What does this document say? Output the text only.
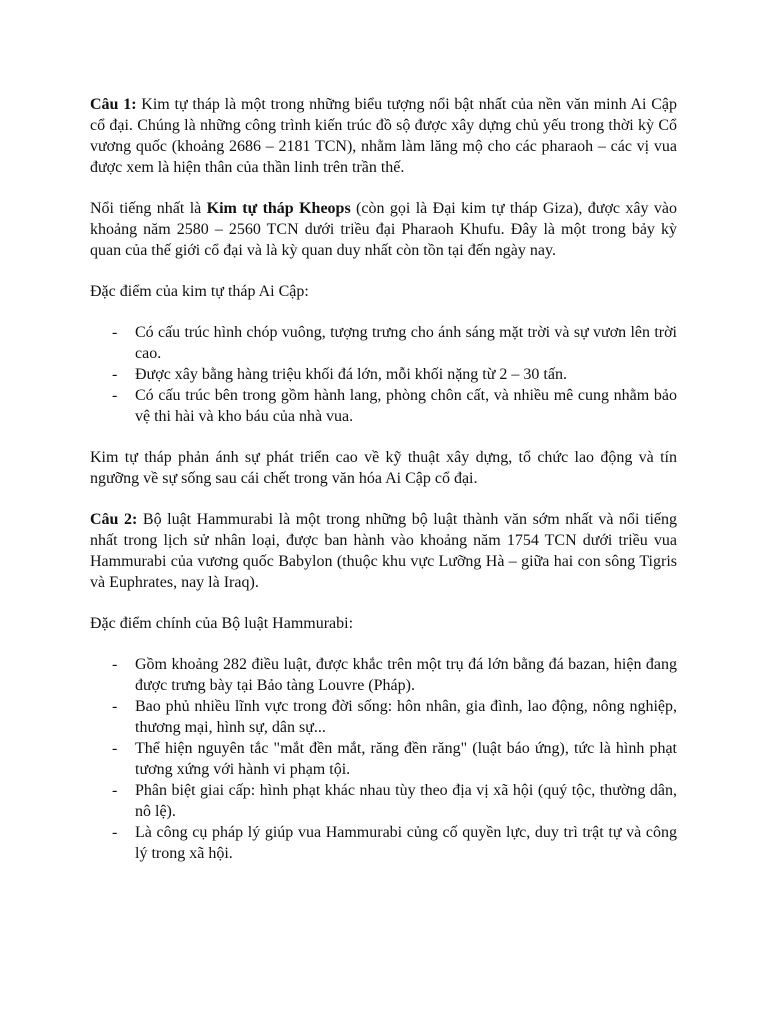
Câu 1: Kim tự tháp là một trong những biểu tượng nổi bật nhất của nền văn minh Ai Cập cổ đại. Chúng là những công trình kiến trúc đồ sộ được xây dựng chủ yếu trong thời kỳ Cổ vương quốc (khoảng 2686 – 2181 TCN), nhằm làm lăng mộ cho các pharaoh – các vị vua được xem là hiện thân của thần linh trên trần thế.

Nổi tiếng nhất là Kim tự tháp Kheops (còn gọi là Đại kim tự tháp Giza), được xây vào khoảng năm 2580 – 2560 TCN dưới triều đại Pharaoh Khufu. Đây là một trong bảy kỳ quan của thế giới cổ đại và là kỳ quan duy nhất còn tồn tại đến ngày nay.

Đặc điểm của kim tự tháp Ai Cập:

- Có cấu trúc hình chóp vuông, tượng trưng cho ánh sáng mặt trời và sự vươn lên trời cao.
- Được xây bằng hàng triệu khối đá lớn, mỗi khối nặng từ 2 – 30 tấn.
- Có cấu trúc bên trong gồm hành lang, phòng chôn cất, và nhiều mê cung nhằm bảo vệ thi hài và kho báu của nhà vua.

Kim tự tháp phản ánh sự phát triển cao về kỹ thuật xây dựng, tổ chức lao động và tín ngưỡng về sự sống sau cái chết trong văn hóa Ai Cập cổ đại.

Câu 2: Bộ luật Hammurabi là một trong những bộ luật thành văn sớm nhất và nổi tiếng nhất trong lịch sử nhân loại, được ban hành vào khoảng năm 1754 TCN dưới triều vua Hammurabi của vương quốc Babylon (thuộc khu vực Lưỡng Hà – giữa hai con sông Tigris và Euphrates, nay là Iraq).

Đặc điểm chính của Bộ luật Hammurabi:

- Gồm khoảng 282 điều luật, được khắc trên một trụ đá lớn bằng đá bazan, hiện đang được trưng bày tại Bảo tàng Louvre (Pháp).
- Bao phủ nhiều lĩnh vực trong đời sống: hôn nhân, gia đình, lao động, nông nghiệp, thương mại, hình sự, dân sự...
- Thể hiện nguyên tắc "mắt đền mắt, răng đền răng" (luật báo ứng), tức là hình phạt tương xứng với hành vi phạm tội.
- Phân biệt giai cấp: hình phạt khác nhau tùy theo địa vị xã hội (quý tộc, thường dân, nô lệ).
- Là công cụ pháp lý giúp vua Hammurabi củng cố quyền lực, duy trì trật tự và công lý trong xã hội.
